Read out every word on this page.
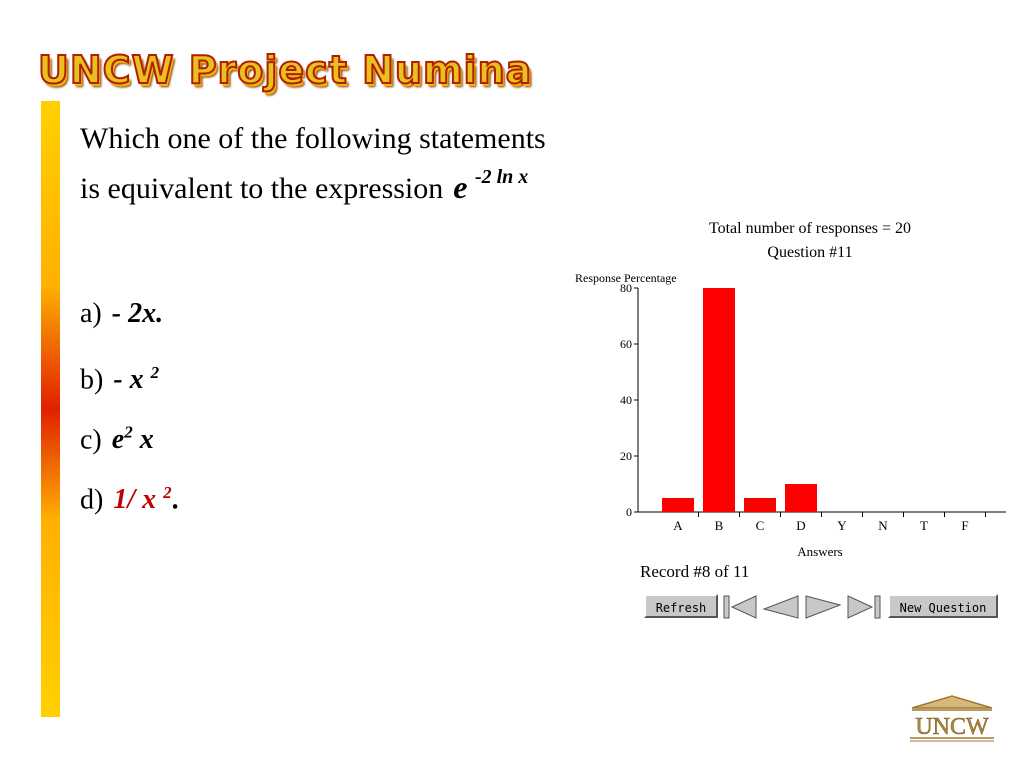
UNCW Project Numina
Which one of the following statements
is equivalent to the expression e $^{-2 ln x}$
a) - 2x.
b) - x $^2$
c) $e^2$ x
d) 1/ x $^2$.
Total number of responses = 20
Question #11
Response Percentage
0
20
40
60
80
A B C D Y N T	F
Answers
Record #8 of 11
Refresh	New Question
UNCW
